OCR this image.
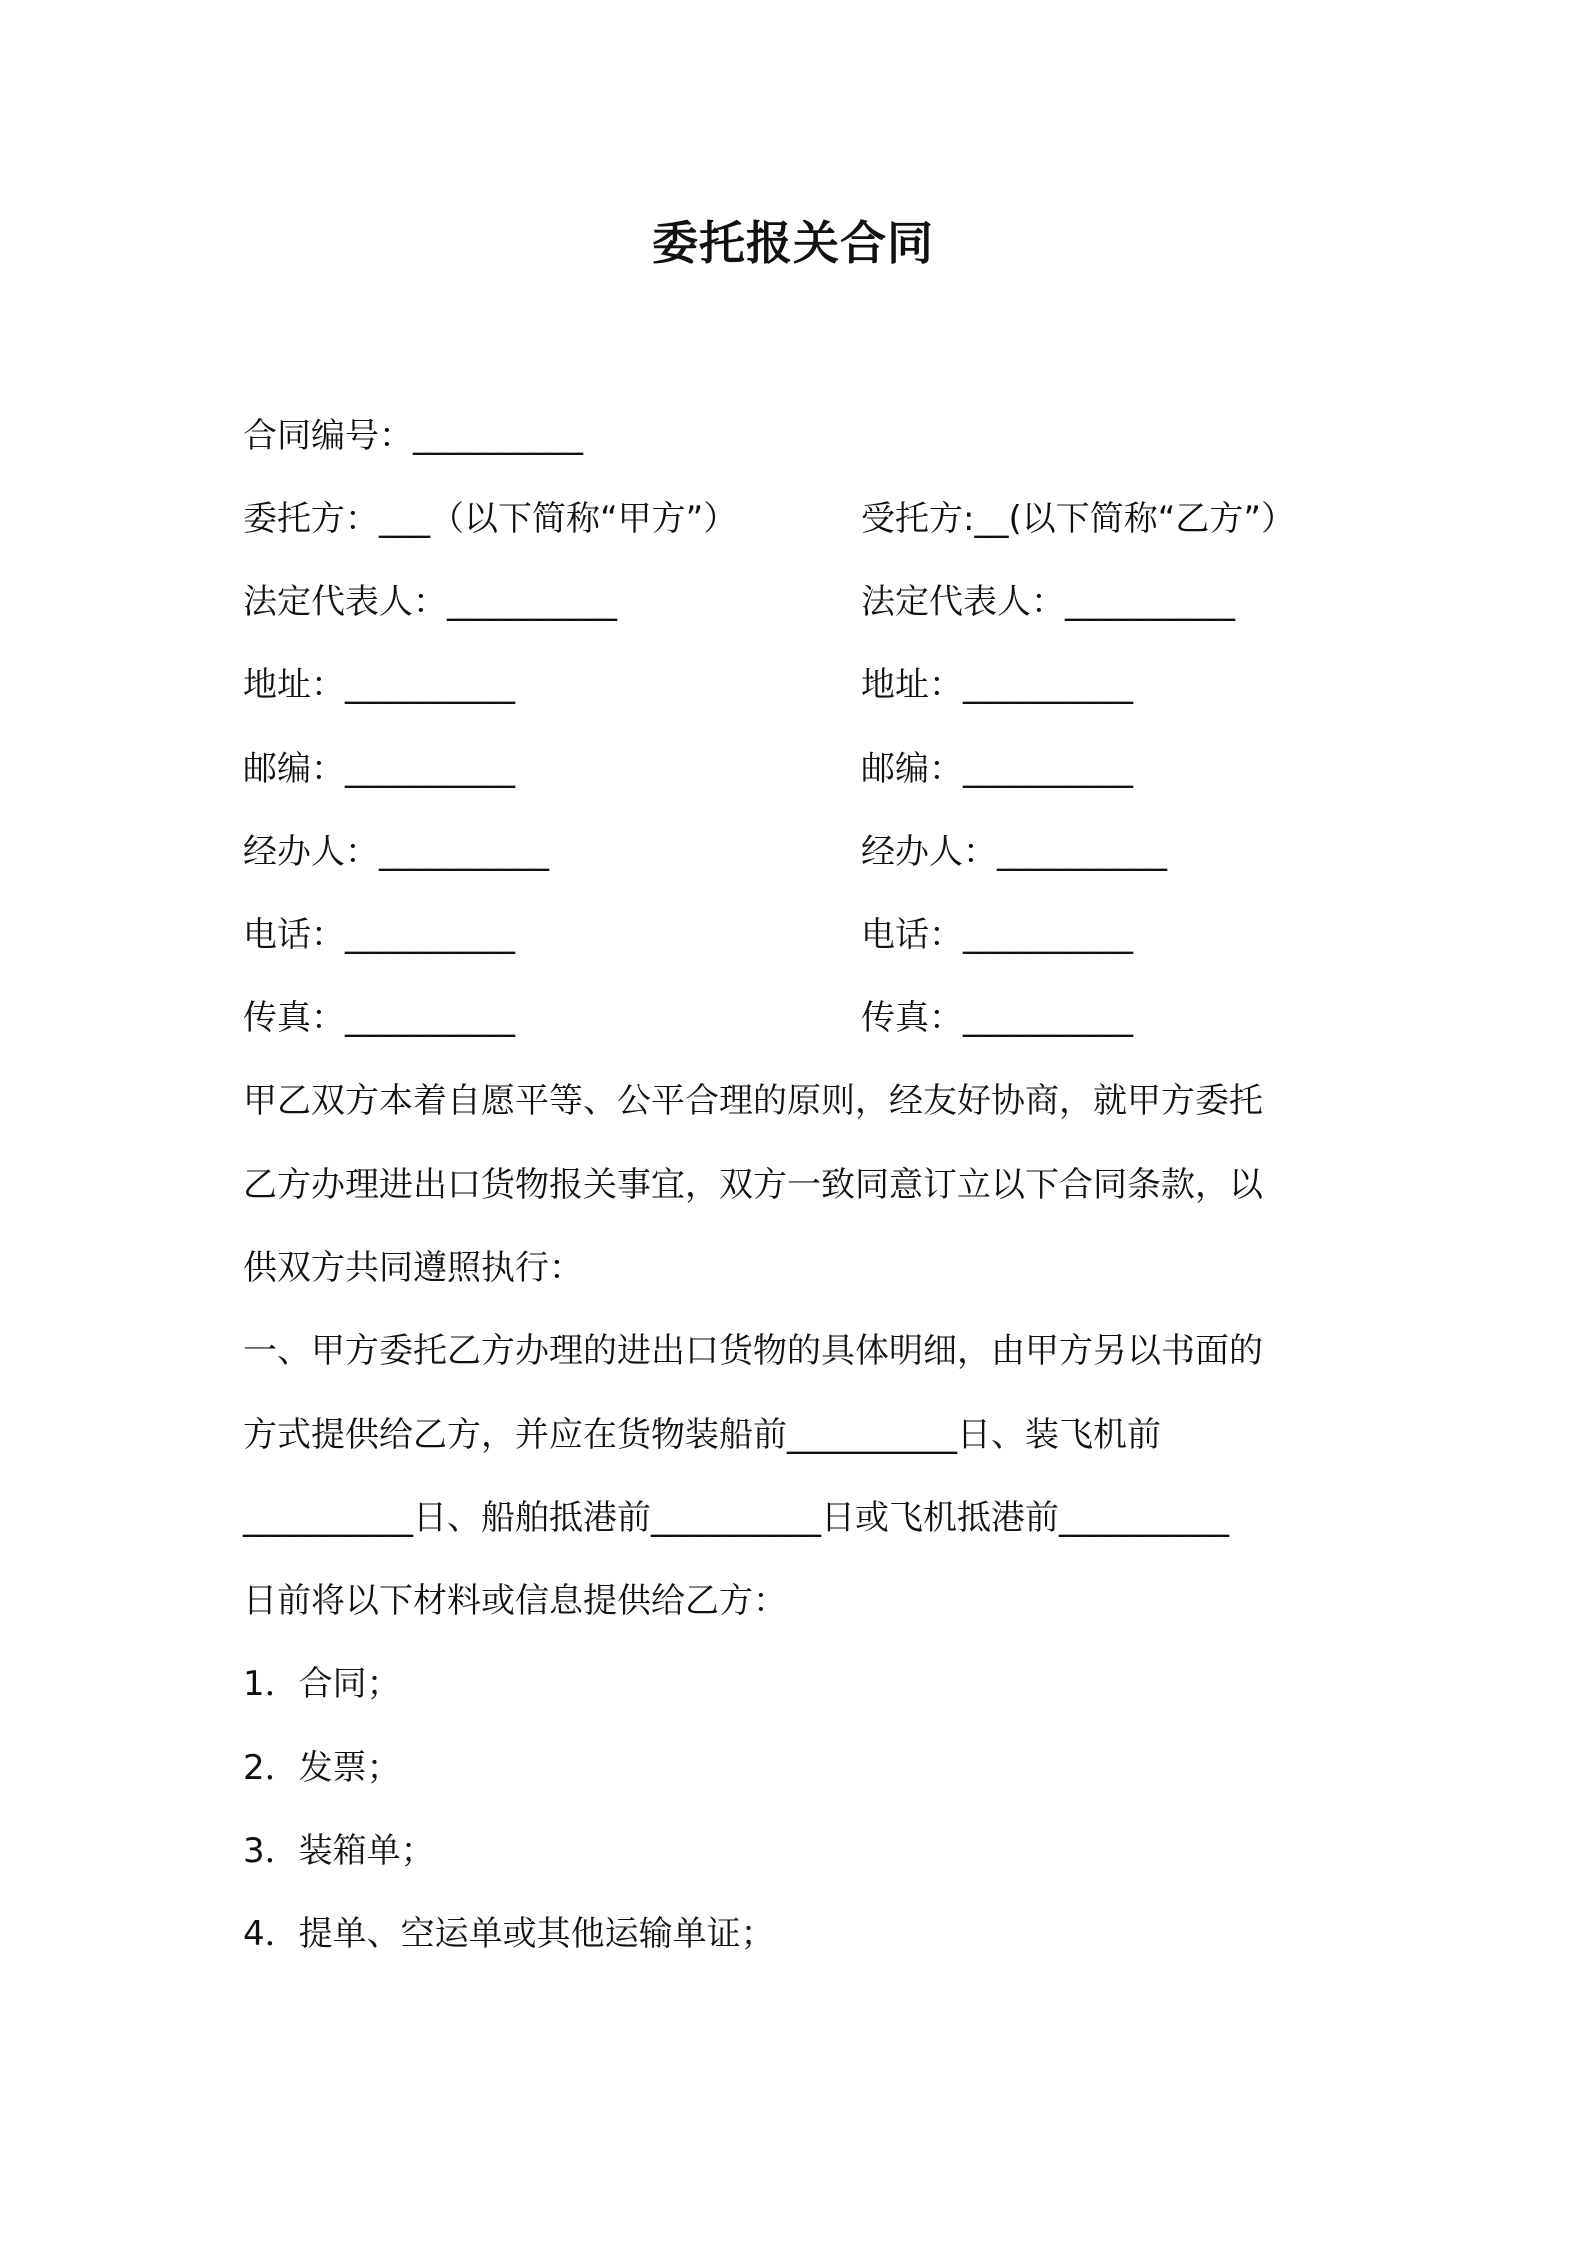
委托报关合同
合同编号：__________
委托方：___（以下简称“甲方”）	受托方:__(以下简称“乙方”）
法定代表人：__________	法定代表人：__________
地址：__________	地址：__________
邮编：__________	邮编：__________
经办人：__________	经办人：__________
电话：__________	电话：__________
传真：__________	传真：__________
甲乙双方本着自愿平等、公平合理的原则，经友好协商，就甲方委托
乙方办理进出口货物报关事宜，双方一致同意订立以下合同条款，以
供双方共同遵照执行：
一、甲方委托乙方办理的进出口货物的具体明细，由甲方另以书面的
方式提供给乙方，并应在货物装船前__________日、装飞机前
__________日、船舶抵港前__________日或飞机抵港前__________
日前将以下材料或信息提供给乙方：
1．合同；
2．发票；
3．装箱单；
4．提单、空运单或其他运输单证；
